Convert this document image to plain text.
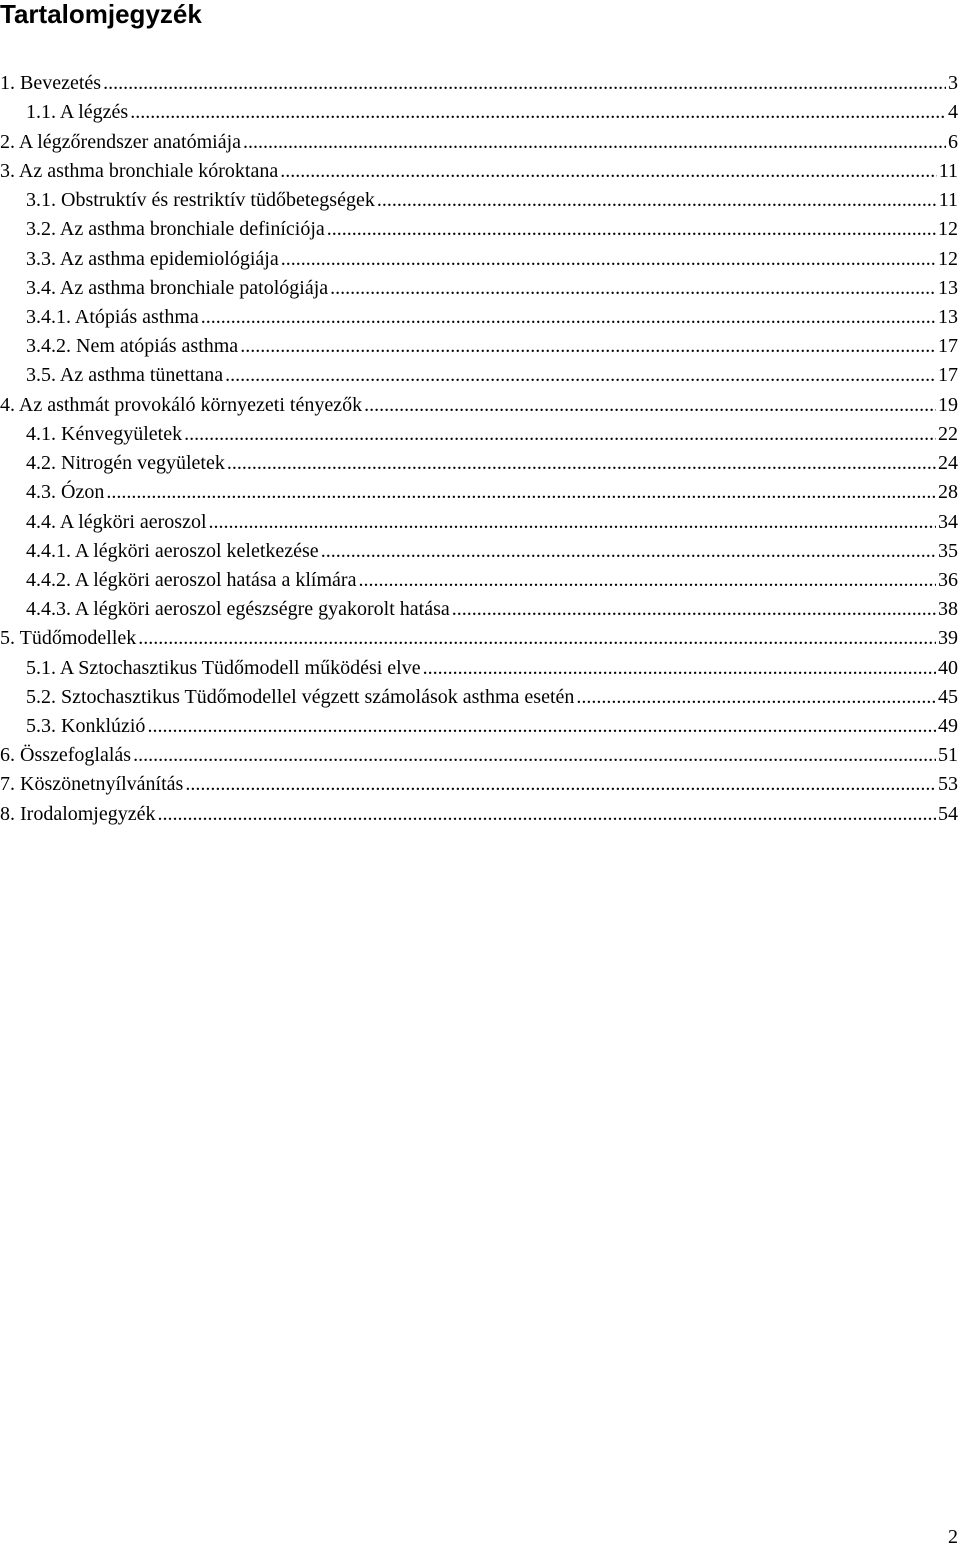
Tartalomjegyzék
1. Bevezetés .....	3
1.1. A légzés .....	4
2. A légzőrendszer anatómiája .....	6
3. Az asthma bronchiale kóroktana .....	11
3.1. Obstruktív és restriktív tüdőbetegségek .....	11
3.2. Az asthma bronchiale definíciója .....	12
3.3. Az asthma epidemiológiája .....	12
3.4. Az asthma bronchiale patológiája .....	13
3.4.1. Atópiás asthma .....	13
3.4.2. Nem atópiás asthma .....	17
3.5. Az asthma tünettana .....	17
4. Az asthmát provokáló környezeti tényezők .....	19
4.1. Kénvegyületek .....	22
4.2. Nitrogén vegyületek .....	24
4.3. Ózon .....	28
4.4. A légköri aeroszol .....	34
4.4.1. A légköri aeroszol keletkezése .....	35
4.4.2. A légköri aeroszol hatása a klímára .....	36
4.4.3. A légköri aeroszol egészségre gyakorolt hatása .....	38
5. Tüdőmodellek .....	39
5.1. A Sztochasztikus Tüdőmodell működési elve .....	40
5.2. Sztochasztikus Tüdőmodellel végzett számolások asthma esetén .....	45
5.3. Konklúzió .....	49
6. Összefoglalás .....	51
7. Köszönetnyílvánítás .....	53
8. Irodalomjegyzék .....	54
2
